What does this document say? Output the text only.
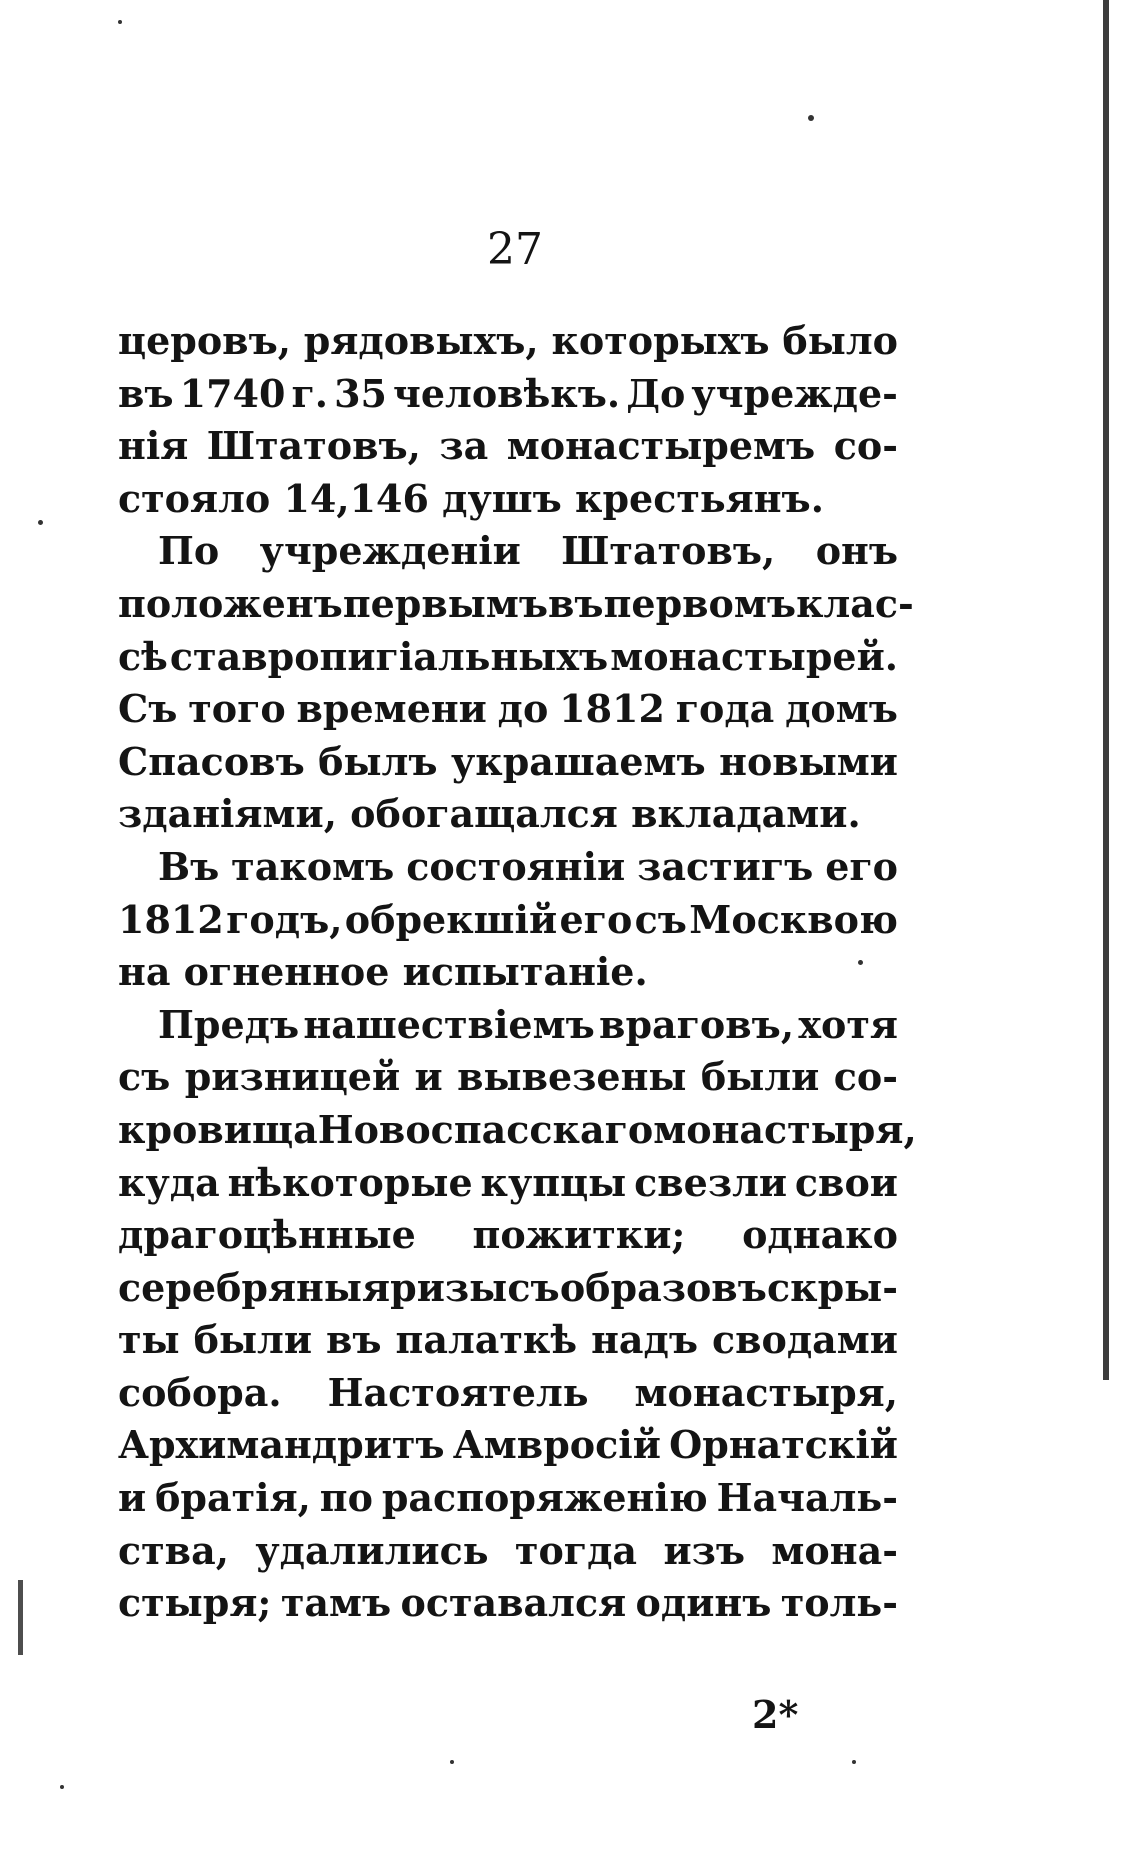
27
церовъ, рядовыхъ, которыхъ было
въ 1740 г. 35 человѣкъ. До учрежде-
нія Штатовъ, за монастыремъ со-
стояло 14,146 душъ крестьянъ.
По учрежденіи Штатовъ, онъ
положенъ первымъ въ первомъ клас-
сѣ ставропигіальныхъ монастырей.
Съ того времени до 1812 года домъ
Спасовъ былъ украшаемъ новыми
зданіями, обогащался вкладами.
Въ такомъ состояніи застигъ его
1812 годъ, обрекшій его съ Москвою
на огненное испытаніе.
Предъ нашествіемъ враговъ, хотя
съ ризницей и вывезены были со-
кровища Новоспасскаго монастыря,
куда нѣкоторые купцы свезли свои
драгоцѣнные пожитки; однако
серебряныя ризы съ образовъ скры-
ты были въ палаткѣ надъ сводами
собора. Настоятель монастыря,
Архимандритъ Амвросій Орнатскій
и братія, по распоряженію Началь-
ства, удалились тогда изъ мона-
стыря; тамъ оставался одинъ толь-
2*
